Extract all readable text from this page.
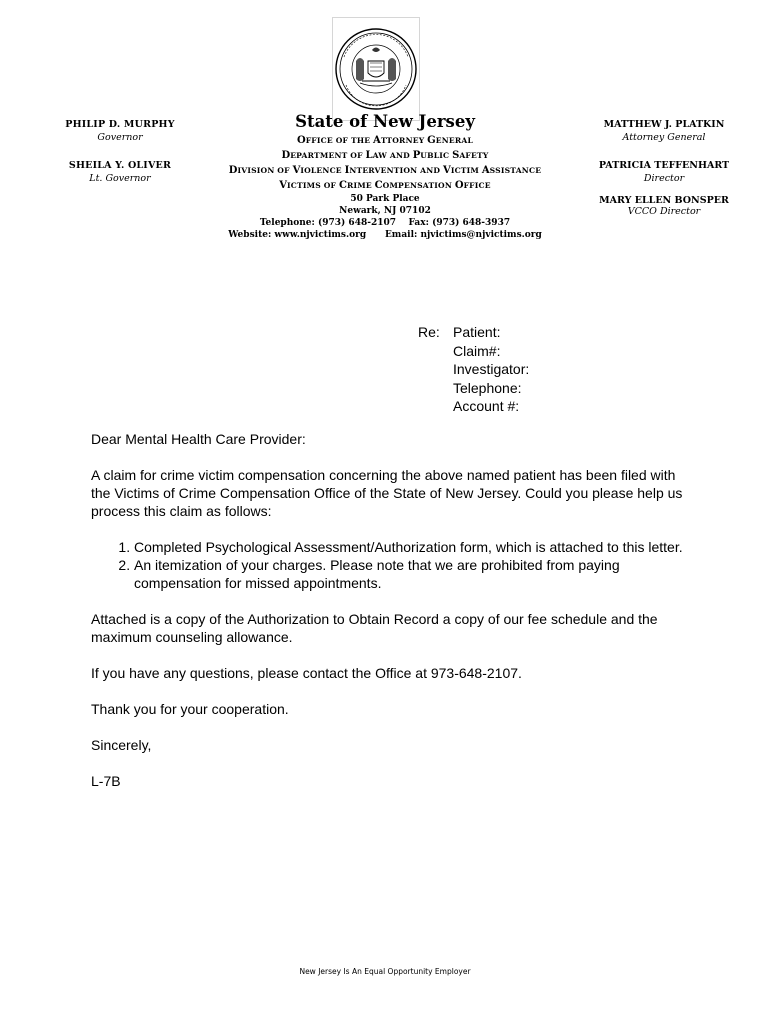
PHILIP D. MURPHY
Governor
SHEILA Y. OLIVER
Lt. Governor
State of New Jersey
OFFICE OF THE ATTORNEY GENERAL
DEPARTMENT OF LAW AND PUBLIC SAFETY
DIVISION OF VIOLENCE INTERVENTION AND VICTIM ASSISTANCE
VICTIMS OF CRIME COMPENSATION OFFICE
50 Park Place
Newark, NJ 07102
Telephone: (973) 648-2107    Fax: (973) 648-3937
Website: www.njvictims.org      Email: njvictims@njvictims.org
MATTHEW J. PLATKIN
Attorney General
PATRICIA TEFFENHART
Director
MARY ELLEN BONSPER
VCCO Director
Re: Patient:
Claim#:
Investigator:
Telephone:
Account #:

Dear Mental Health Care Provider:

A claim for crime victim compensation concerning the above named patient has been filed with the Victims of Crime Compensation Office of the State of New Jersey. Could you please help us process this claim as follows:

1. Completed Psychological Assessment/Authorization form, which is attached to this letter.
2. An itemization of your charges. Please note that we are prohibited from paying compensation for missed appointments.

Attached is a copy of the Authorization to Obtain Record a copy of our fee schedule and the maximum counseling allowance.

If you have any questions, please contact the Office at 973-648-2107.

Thank you for your cooperation.

Sincerely,

L-7B

New Jersey Is An Equal Opportunity Employer
